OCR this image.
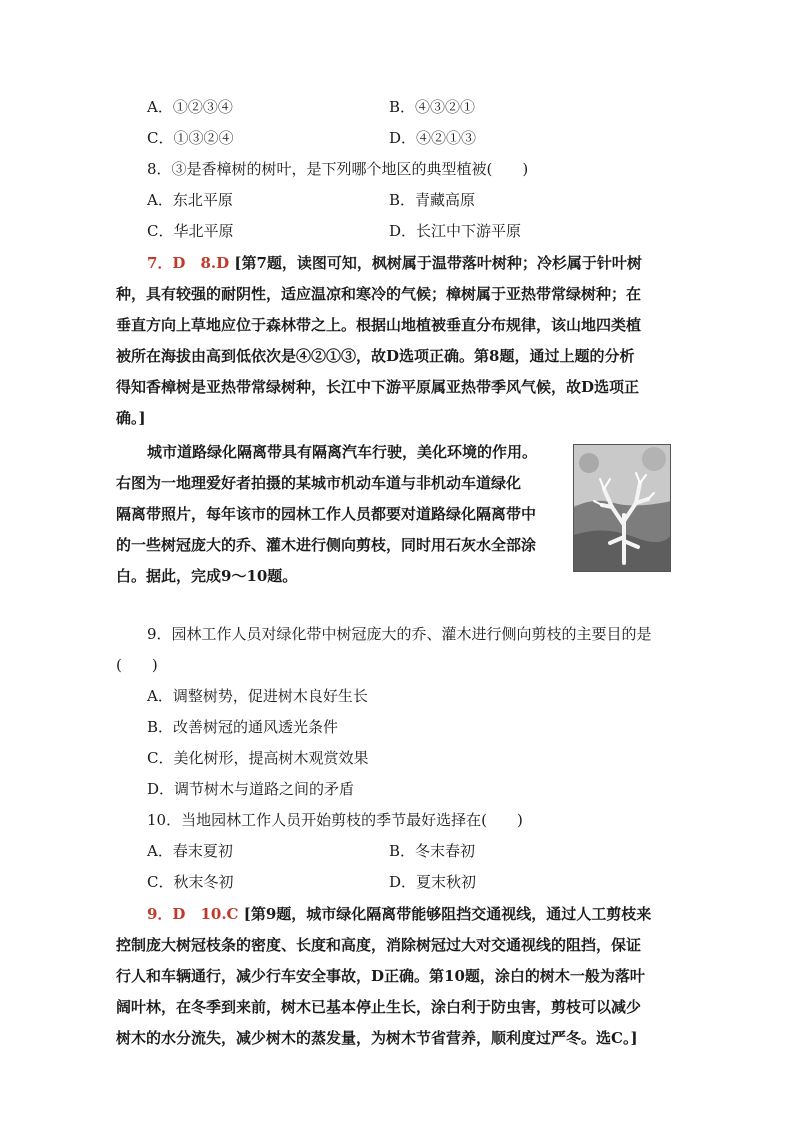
A．①②③④	B．④③②①
C．①③②④	D．④②①③
8．③是香樟树的树叶，是下列哪个地区的典型植被(　　)
A．东北平原	B．青藏高原
C．华北平原	D．长江中下游平原
7．D　8.D [第7题，读图可知，枫树属于温带落叶树种；冷杉属于针叶树
种，具有较强的耐阴性，适应温凉和寒冷的气候；樟树属于亚热带常绿树种；在
垂直方向上草地应位于森林带之上。根据山地植被垂直分布规律，该山地四类植
被所在海拔由高到低依次是④②①③，故D选项正确。第8题，通过上题的分析
得知香樟树是亚热带常绿树种，长江中下游平原属亚热带季风气候，故D选项正
确。]
城市道路绿化隔离带具有隔离汽车行驶，美化环境的作用。
右图为一地理爱好者拍摄的某城市机动车道与非机动车道绿化
隔离带照片，每年该市的园林工作人员都要对道路绿化隔离带中
的一些树冠庞大的乔、灌木进行侧向剪枝，同时用石灰水全部涂
白。据此，完成9～10题。
9．园林工作人员对绿化带中树冠庞大的乔、灌木进行侧向剪枝的主要目的是
(　　)
A．调整树势，促进树木良好生长
B．改善树冠的通风透光条件
C．美化树形，提高树木观赏效果
D．调节树木与道路之间的矛盾
10．当地园林工作人员开始剪枝的季节最好选择在(　　)
A．春末夏初	B．冬末春初
C．秋末冬初	D．夏末秋初
9．D　10.C [第9题，城市绿化隔离带能够阻挡交通视线，通过人工剪枝来
控制庞大树冠枝条的密度、长度和高度，消除树冠过大对交通视线的阻挡，保证
行人和车辆通行，减少行车安全事故，D正确。第10题，涂白的树木一般为落叶
阔叶林，在冬季到来前，树木已基本停止生长，涂白利于防虫害，剪枝可以减少
树木的水分流失，减少树木的蒸发量，为树木节省营养，顺利度过严冬。选C。]
